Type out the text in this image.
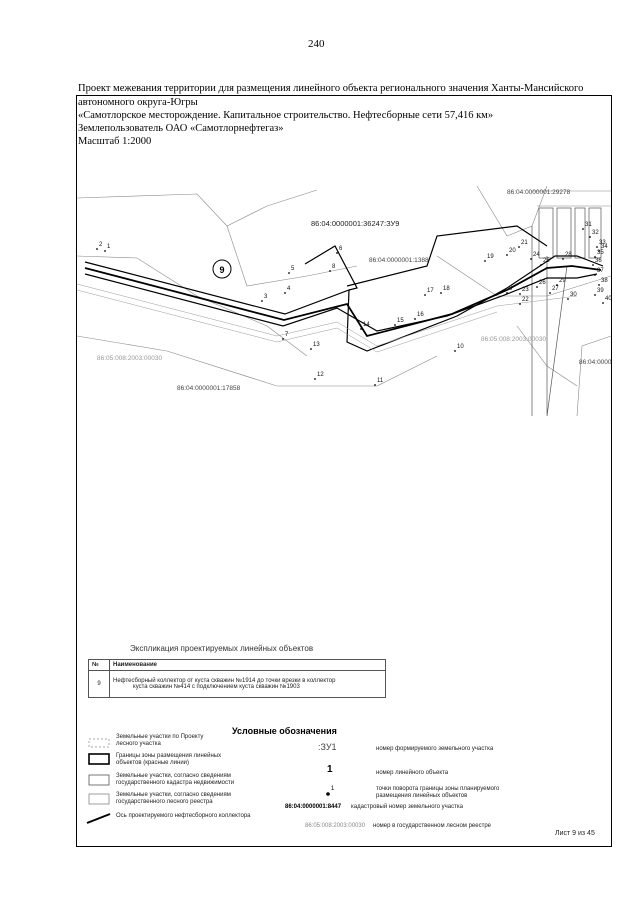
240
Проект межевания территории для размещения линейного объекта регионального значения Ханты-Мансийского
автономного округа-Югры
«Самотлорское месторождение. Капитальное строительство. Нефтесборные сети 57,416 км»
Землепользователь ОАО «Самотлорнефтегаз»
Масштаб 1:2000
9
86:04:0000001:36247:ЗУ9
86:04:0000001:29278
86:04:0000001:1388
86:04:0000001:17858
86:04:0000
86:05:008:2003:00030
86:05:008:2003:00030
1
2
3
4
5
6
7
8
9
10
11
12
13
14
15
16
17 18
19
20
21
22
23
24
25
26
27
28
29
30
31
32
33
34
35
36
37
38
39
40
Экспликация проектируемых линейных объектов
№	Наименование
9	Нефтесборный коллектор от куста скважин №1914 до точки врезки в коллектор
куста скважин №414 с подключением куста скважин №1903
Условные обозначения
Земельные участки по Проекту
лесного участка
Границы зоны размещения линейных
объектов (красные линии)
Земельные участки, согласно сведениям
государственного кадастра недвижимости
Земельные участки, согласно сведениям
государственного лесного реестра
Ось проектируемого нефтесборного коллектора
:ЗУ1	номер формируемого земельного участка
1	номер линейного объекта
1	точки поворота границы зоны планируемого
размещения линейных объектов
86:04:0000001:8447 кадастровый номер земельного участка
86:05:008:2003:00030 номер в государственном лесном реестре
Лист 9 из 45
